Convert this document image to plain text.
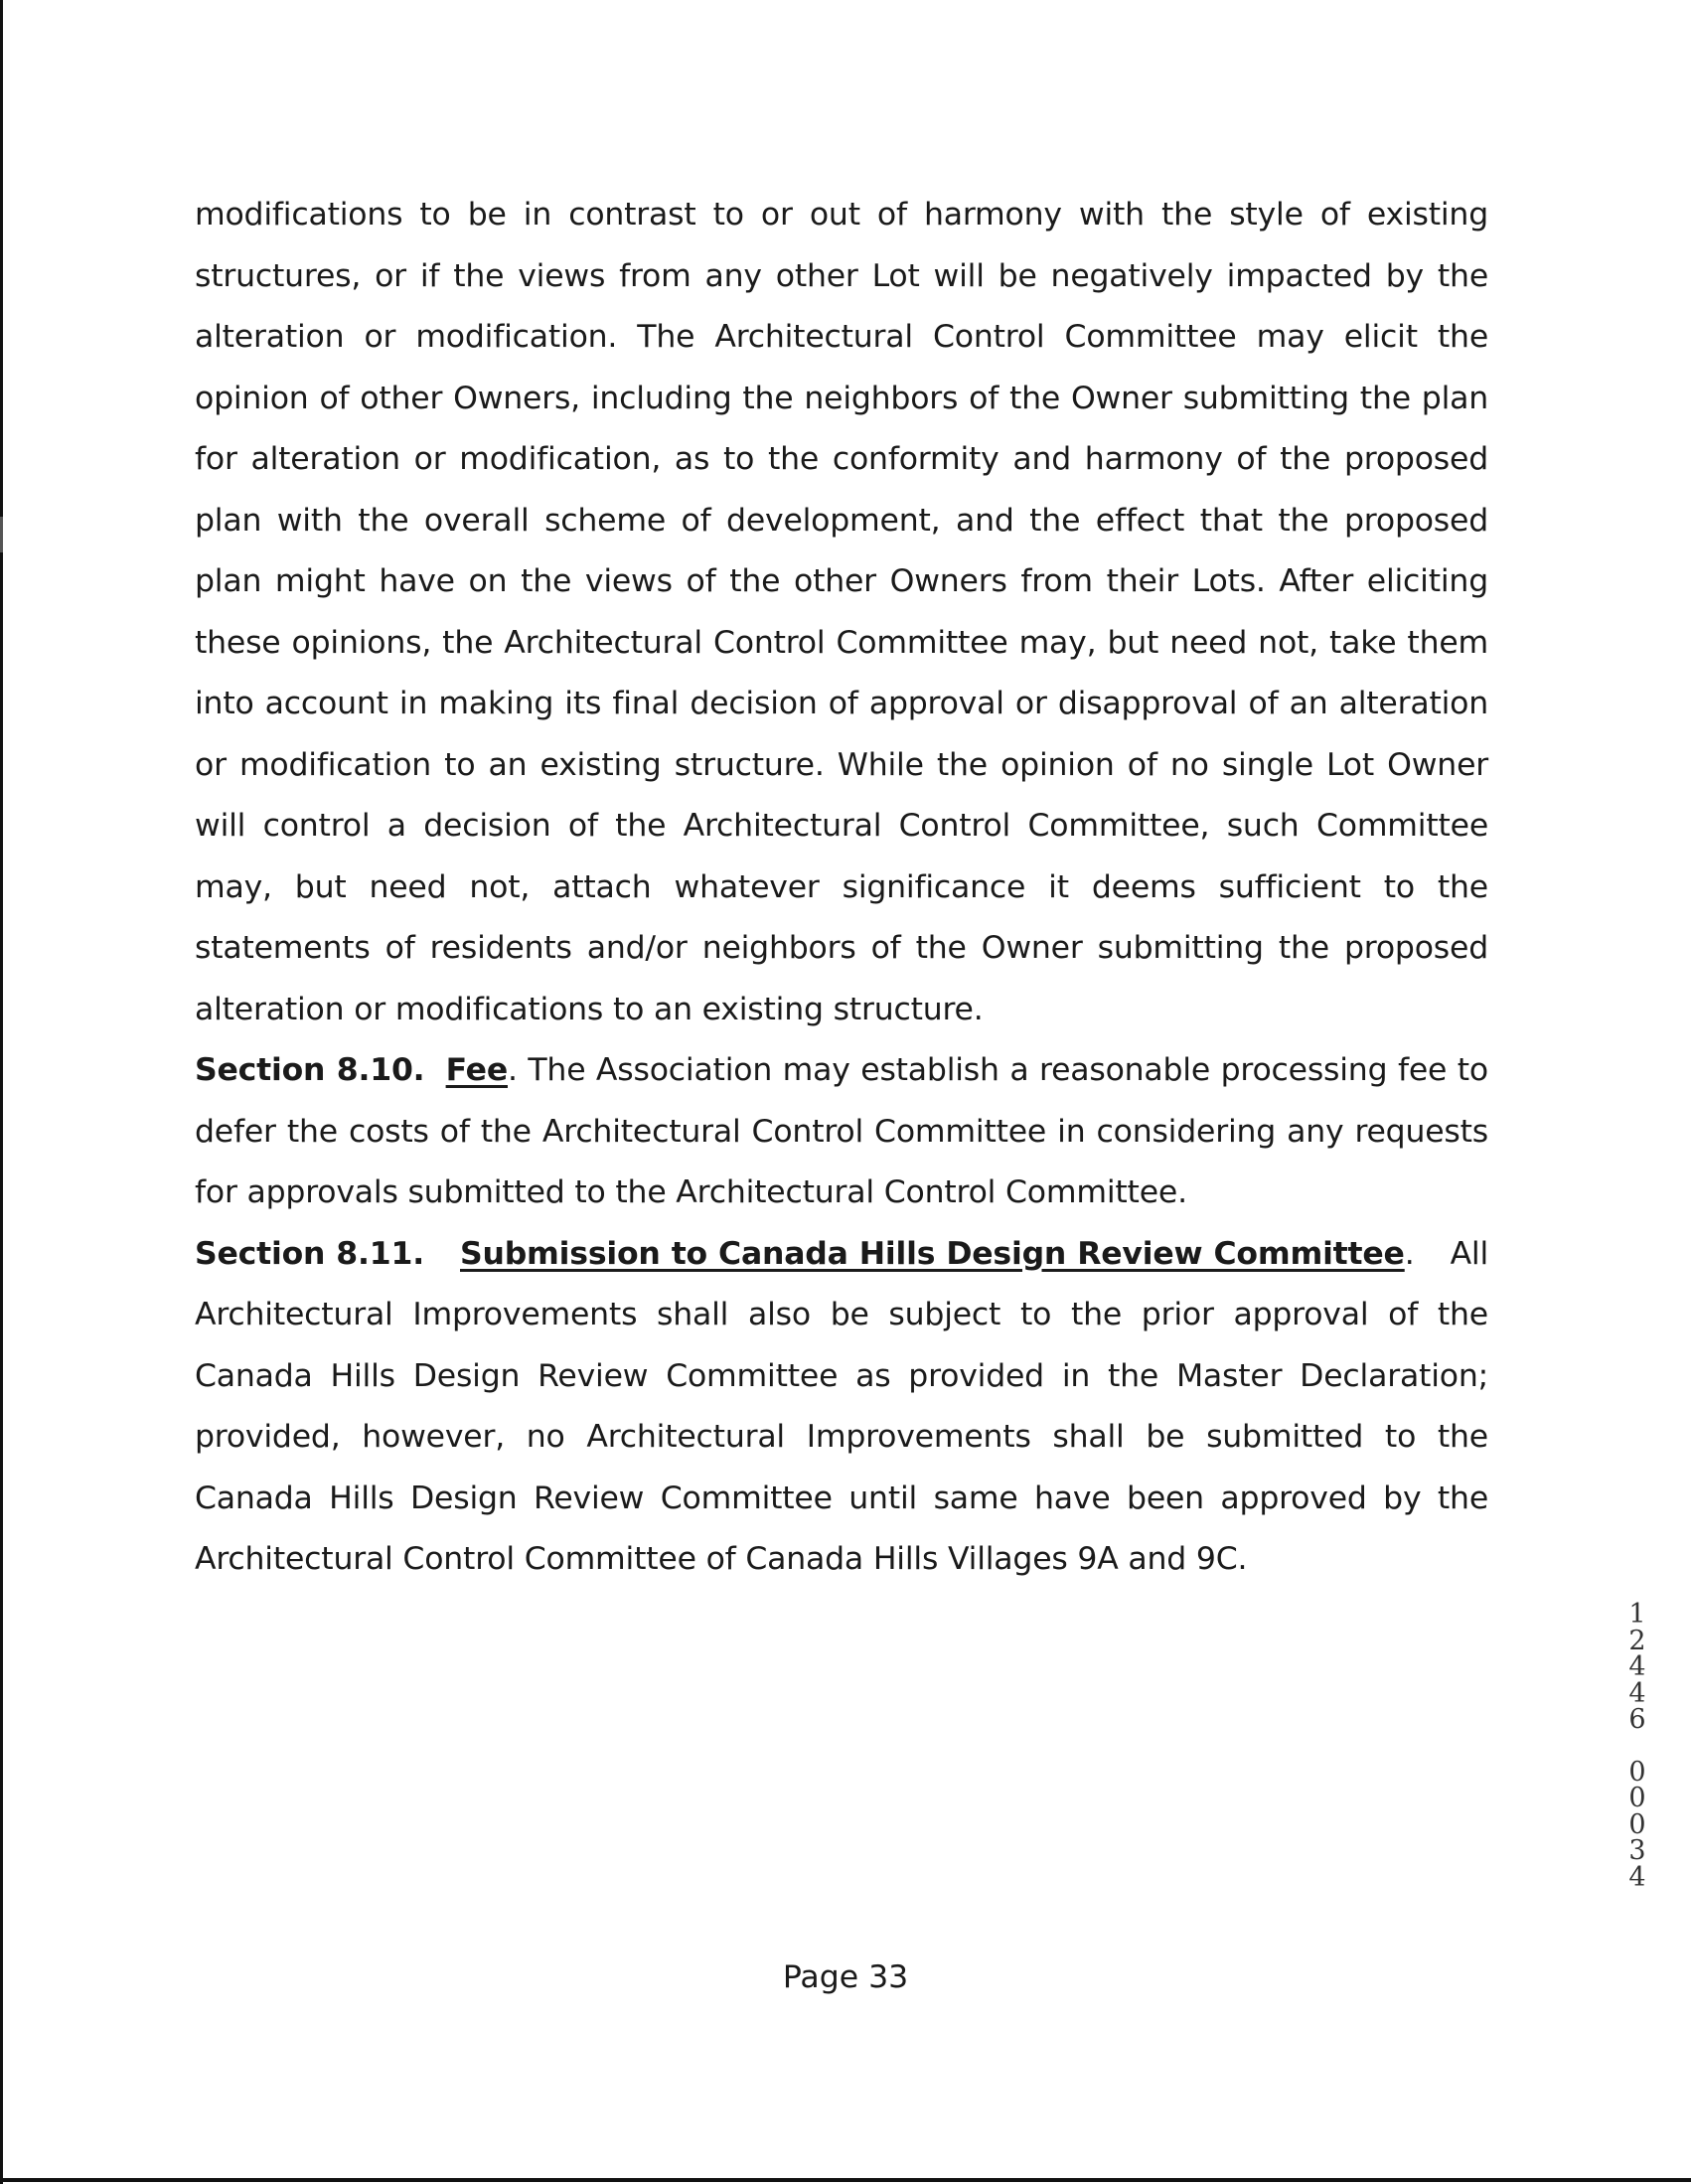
modifications to be in contrast to or out of harmony with the style of existing structures, or if the views from any other Lot will be negatively impacted by the alteration or modification. The Architectural Control Committee may elicit the opinion of other Owners, including the neighbors of the Owner submitting the plan for alteration or modification, as to the conformity and harmony of the proposed plan with the overall scheme of development, and the effect that the proposed plan might have on the views of the other Owners from their Lots. After eliciting these opinions, the Architectural Control Committee may, but need not, take them into account in making its final decision of approval or disapproval of an alteration or modification to an existing structure. While the opinion of no single Lot Owner will control a decision of the Architectural Control Committee, such Committee may, but need not, attach whatever significance it deems sufficient to the statements of residents and/or neighbors of the Owner submitting the proposed alteration or modifications to an existing structure.

Section 8.10. Fee. The Association may establish a reasonable processing fee to defer the costs of the Architectural Control Committee in considering any requests for approvals submitted to the Architectural Control Committee.

Section 8.11. Submission to Canada Hills Design Review Committee. All Architectural Improvements shall also be subject to the prior approval of the Canada Hills Design Review Committee as provided in the Master Declaration; provided, however, no Architectural Improvements shall be submitted to the Canada Hills Design Review Committee until same have been approved by the Architectural Control Committee of Canada Hills Villages 9A and 9C.

1
2
4
4
6
0
0
0
3
4
Page 33
